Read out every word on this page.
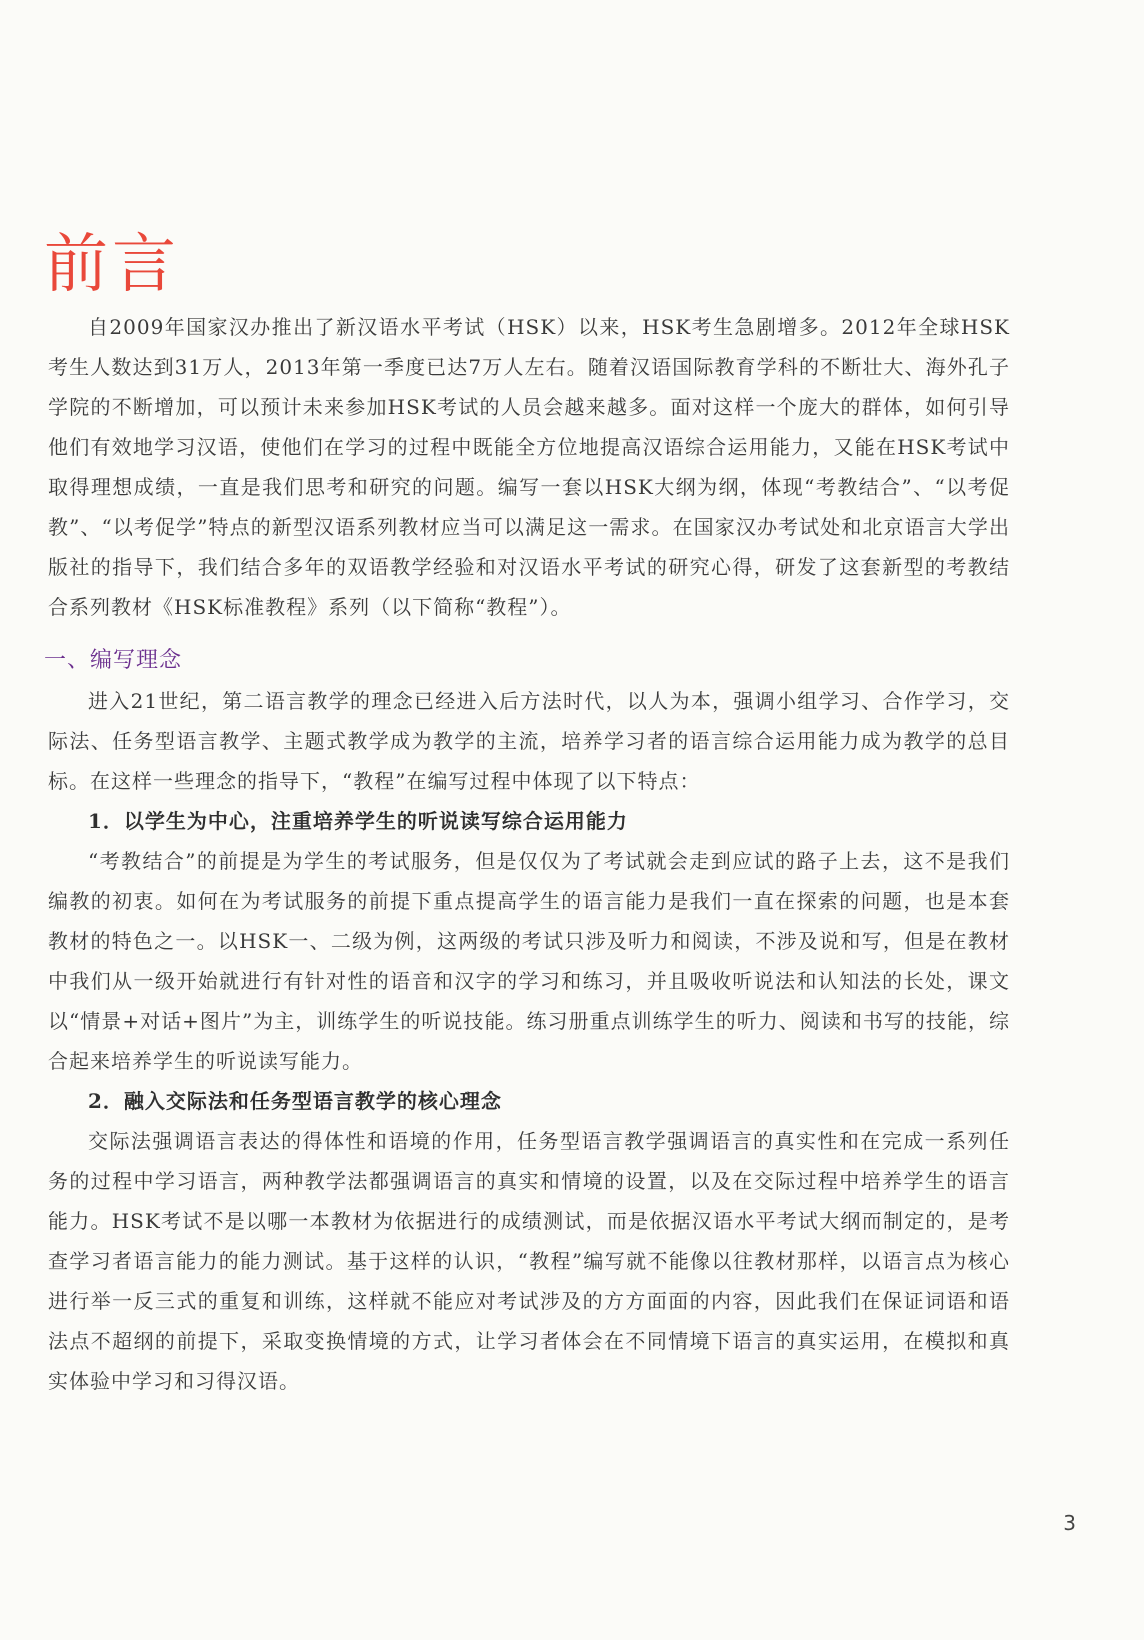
前言

自2009年国家汉办推出了新汉语水平考试（HSK）以来，HSK考生急剧增多。2012年全球HSK考生人数达到31万人，2013年第一季度已达7万人左右。随着汉语国际教育学科的不断壮大、海外孔子学院的不断增加，可以预计未来参加HSK考试的人员会越来越多。面对这样一个庞大的群体，如何引导他们有效地学习汉语，使他们在学习的过程中既能全方位地提高汉语综合运用能力，又能在HSK考试中取得理想成绩，一直是我们思考和研究的问题。编写一套以HSK大纲为纲，体现“考教结合”、“以考促教”、“以考促学”特点的新型汉语系列教材应当可以满足这一需求。在国家汉办考试处和北京语言大学出版社的指导下，我们结合多年的双语教学经验和对汉语水平考试的研究心得，研发了这套新型的考教结合系列教材《HSK标准教程》系列（以下简称“教程”）。

一、编写理念

进入21世纪，第二语言教学的理念已经进入后方法时代，以人为本，强调小组学习、合作学习，交际法、任务型语言教学、主题式教学成为教学的主流，培养学习者的语言综合运用能力成为教学的总目标。在这样一些理念的指导下，“教程”在编写过程中体现了以下特点：

1．以学生为中心，注重培养学生的听说读写综合运用能力

“考教结合”的前提是为学生的考试服务，但是仅仅为了考试就会走到应试的路子上去，这不是我们编教的初衷。如何在为考试服务的前提下重点提高学生的语言能力是我们一直在探索的问题，也是本套教材的特色之一。以HSK一、二级为例，这两级的考试只涉及听力和阅读，不涉及说和写，但是在教材中我们从一级开始就进行有针对性的语音和汉字的学习和练习，并且吸收听说法和认知法的长处，课文以“情景+对话+图片”为主，训练学生的听说技能。练习册重点训练学生的听力、阅读和书写的技能，综合起来培养学生的听说读写能力。

2．融入交际法和任务型语言教学的核心理念

交际法强调语言表达的得体性和语境的作用，任务型语言教学强调语言的真实性和在完成一系列任务的过程中学习语言，两种教学法都强调语言的真实和情境的设置，以及在交际过程中培养学生的语言能力。HSK考试不是以哪一本教材为依据进行的成绩测试，而是依据汉语水平考试大纲而制定的，是考查学习者语言能力的能力测试。基于这样的认识，“教程”编写就不能像以往教材那样，以语言点为核心进行举一反三式的重复和训练，这样就不能应对考试涉及的方方面面的内容，因此我们在保证词语和语法点不超纲的前提下，采取变换情境的方式，让学习者体会在不同情境下语言的真实运用，在模拟和真实体验中学习和习得汉语。

3
